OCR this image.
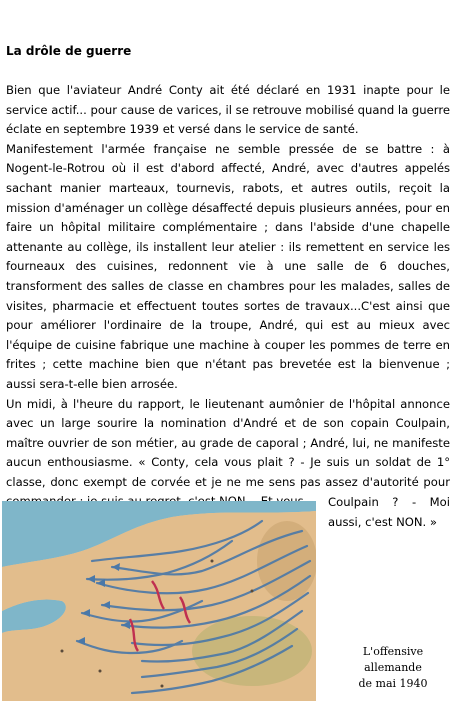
La drôle de guerre

Bien que l'aviateur André Conty ait été déclaré en 1931 inapte pour le service actif... pour cause de varices, il se retrouve mobilisé quand la guerre éclate en septembre 1939 et versé dans le service de santé.

Manifestement l'armée française ne semble pressée de se battre : à Nogent-le-Rotrou où il est d'abord affecté, André, avec d'autres appelés sachant manier marteaux, tournevis, rabots, et autres outils, reçoit la mission d'aménager un collège désaffecté depuis plusieurs années, pour en faire un hôpital militaire complémentaire ; dans l'abside d'une chapelle attenante au collège, ils installent leur atelier : ils remettent en service les fourneaux des cuisines, redonnent vie à une salle de 6 douches, transforment des salles de classe en chambres pour les malades, salles de visites, pharmacie et effectuent toutes sortes de travaux...C'est ainsi que pour améliorer l'ordinaire de la troupe, André, qui est au mieux avec l'équipe de cuisine fabrique une machine à couper les pommes de terre en frites ; cette machine bien que n'étant pas brevetée est la bienvenue ; aussi sera-t-elle bien arrosée.

Un midi, à l'heure du rapport, le lieutenant aumônier de l'hôpital annonce avec un large sourire la nomination d'André et de son copain Coulpain, maître ouvrier de son métier, au grade de caporal ; André, lui, ne manifeste aucun enthousiasme. « Conty, cela vous plait ? - Je suis un soldat de 1° classe, donc exempt de corvée et je ne me sens pas assez d'autorité pour

Coulpain ? - Moi aussi, c'est NON. »
L'offensive allemande
de mai 1940
